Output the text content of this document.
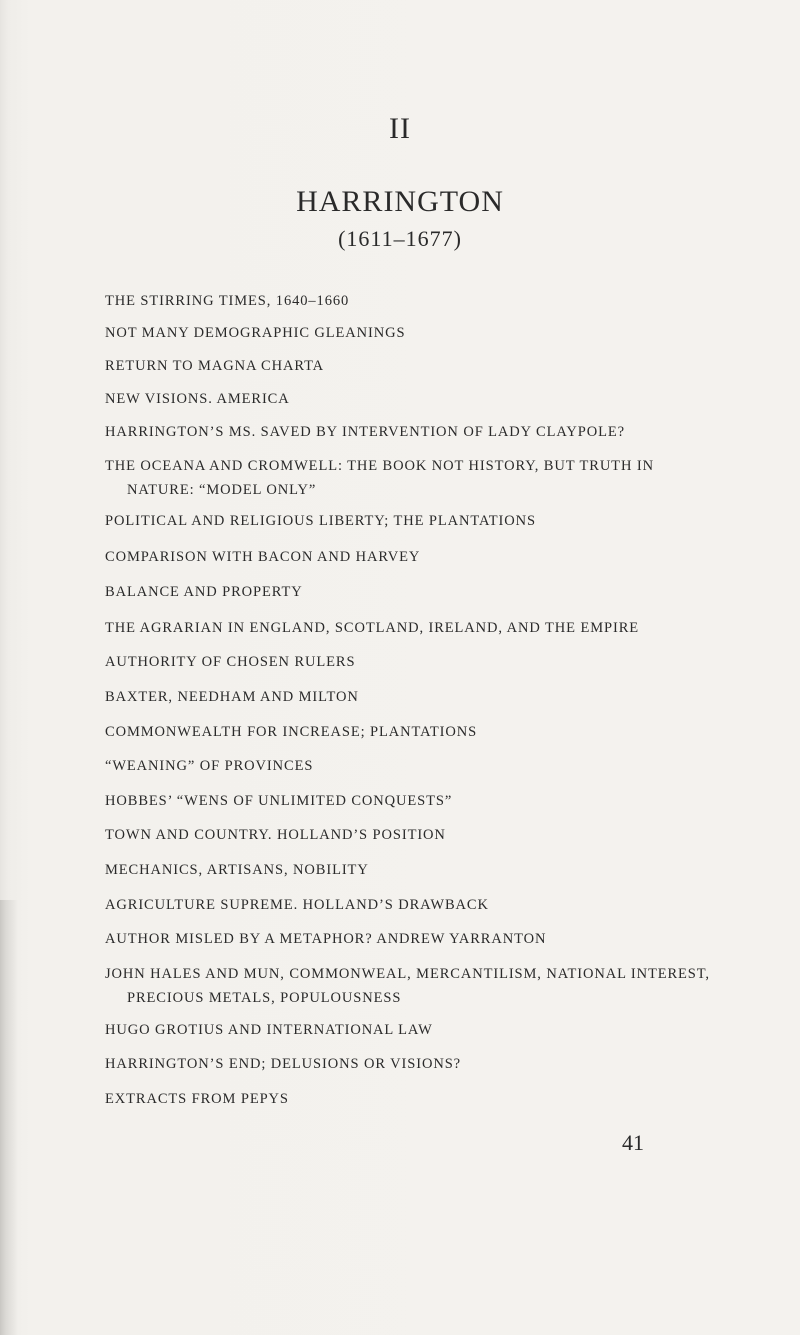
II
HARRINGTON
(1611–1677)
THE STIRRING TIMES, 1640–1660
NOT MANY DEMOGRAPHIC GLEANINGS
RETURN TO MAGNA CHARTA
NEW VISIONS. AMERICA
HARRINGTON’S MS. SAVED BY INTERVENTION OF LADY CLAYPOLE?
THE OCEANA AND CROMWELL: THE BOOK NOT HISTORY, BUT TRUTH IN
NATURE: “MODEL ONLY”
POLITICAL AND RELIGIOUS LIBERTY; THE PLANTATIONS
COMPARISON WITH BACON AND HARVEY
BALANCE AND PROPERTY
THE AGRARIAN IN ENGLAND, SCOTLAND, IRELAND, AND THE EMPIRE
AUTHORITY OF CHOSEN RULERS
BAXTER, NEEDHAM AND MILTON
COMMONWEALTH FOR INCREASE; PLANTATIONS
“WEANING” OF PROVINCES
HOBBES’ “WENS OF UNLIMITED CONQUESTS”
TOWN AND COUNTRY. HOLLAND’S POSITION
MECHANICS, ARTISANS, NOBILITY
AGRICULTURE SUPREME. HOLLAND’S DRAWBACK
AUTHOR MISLED BY A METAPHOR? ANDREW YARRANTON
JOHN HALES AND MUN, COMMONWEAL, MERCANTILISM, NATIONAL INTEREST,
PRECIOUS METALS, POPULOUSNESS
HUGO GROTIUS AND INTERNATIONAL LAW
HARRINGTON’S END; DELUSIONS OR VISIONS?
EXTRACTS FROM PEPYS
41
